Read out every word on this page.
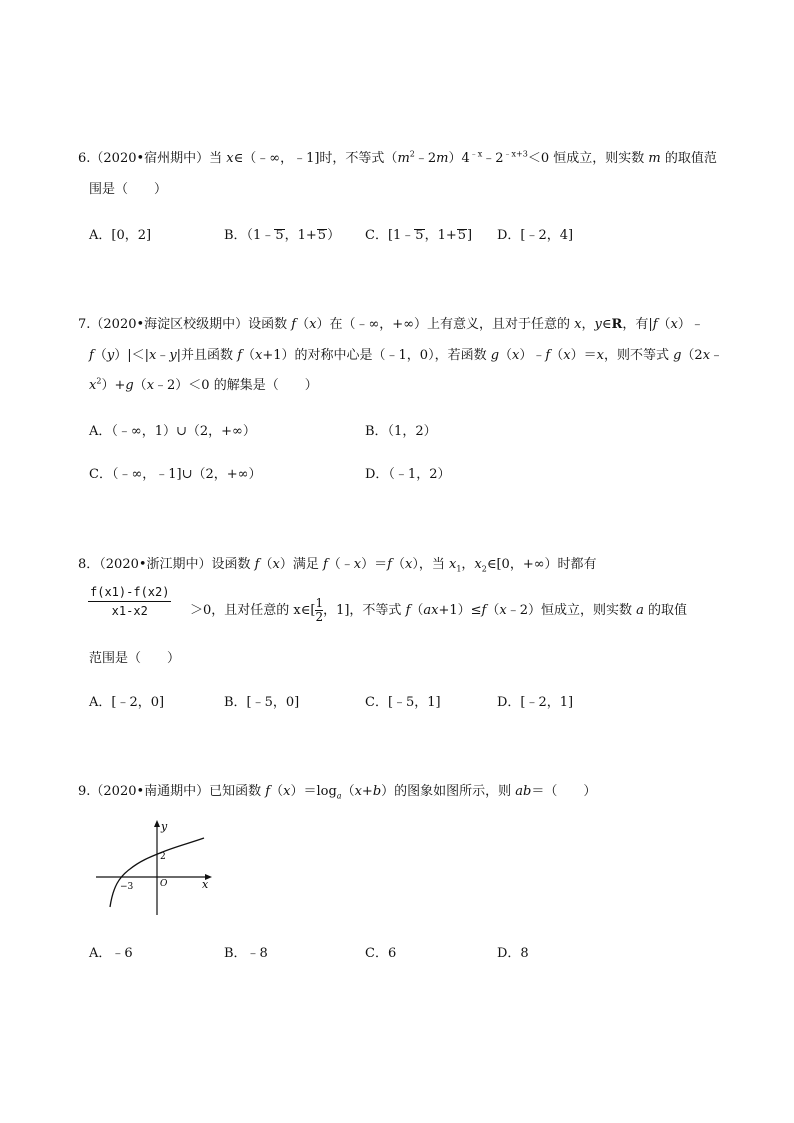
6.（2020•宿州期中）当 x∈（﹣∞，﹣1]时，不等式$(m^2﹣2m)4^{﹣x}﹣2^{﹣x+3}<0$ 恒成立，则实数 m 的取值范
围是（　　）
A．[0，2]	B．（1﹣5，1+5） C．[1﹣5，1+5] D．[﹣2，4]
7.（2020•海淀区校级期中）设函数 f（x）在（﹣∞，+∞）上有意义，且对于任意的 x，y∈R，有|f（x）﹣
f（y）|＜|x﹣y|并且函数 f（x+1）的对称中心是（﹣1，0），若函数 g（x）﹣f（x）＝x，则不等式 g（2x﹣
$x^2)+g(x﹣2)<0$ 的解集是（　　）
A．（﹣∞，1）∪（2，+∞）	B．（1，2）
C．（﹣∞，﹣1]∪（2，+∞）	D．（﹣1，2）
8．（2020•浙江期中）设函数 f（x）满足 f（﹣x）＝f（x），当 $x_1$，$x_2\in[0$，+∞）时都有
$\frac{f(x1)-f(x2)}{x1-x2} >0$，且对任意的 x∈[ $\frac{1}{2}$ ，1]，不等式 f（ax+1）≤f（x﹣2）恒成立，则实数 a 的取值
范围是（　　）
A．[﹣2，0]	B．[﹣5，0]	C．[﹣5，1]	D．[﹣2，1]
9.（2020•南通期中）已知函数 $f(x)=\log_a(x+b)$的图象如图所示，则 ab＝（　　）
y
x
O
−3
2
A．﹣6	B．﹣8	C．6	D．8
